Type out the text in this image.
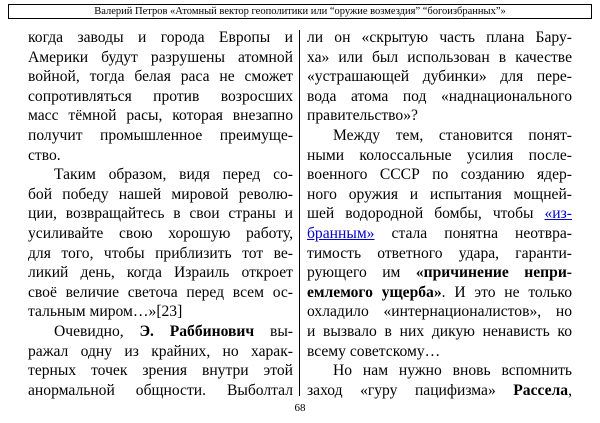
Валерий Петров «Атомный вектор геополитики или “оружие возмездия” “богоизбранных”»
когда заводы и города Европы и
Америки будут разрушены атомной
войной, тогда белая раса не сможет
сопротивляться против возросших
масс тёмной расы, которая внезапно
получит промышленное преимуще-
ство.
Таким образом, видя перед со-
бой победу нашей мировой револю-
ции, возвращайтесь в свои страны и
усиливайте свою хорошую работу,
для того, чтобы приблизить тот ве-
ликий день, когда Израиль откроет
своё величие светоча перед всем ос-
тальным миром…»[23]
Очевидно, Э. Раббинович вы-
ражал одну из крайних, но харак-
терных точек зрения внутри этой
анормальной общности. Выболтал
ли он «скрытую часть плана Бару-
ха» или был использован в качестве
«устрашающей дубинки» для пере-
вода атома под «наднационального
правительство»?
Между тем, становится понят-
ными колоссальные усилия после-
военного СССР по созданию ядер-
ного оружия и испытания мощней-
шей водородной бомбы, чтобы «из-
бранным» стала понятна неотвра-
тимость ответного удара, гаранти-
рующего им «причинение непри-
емлемого ущерба». И это не только
охладило «интернационалистов», но
и вызвало в них дикую ненависть ко
всему советскому…
Но нам нужно вновь вспомнить
заход «гуру пацифизма» Рассела,
68
